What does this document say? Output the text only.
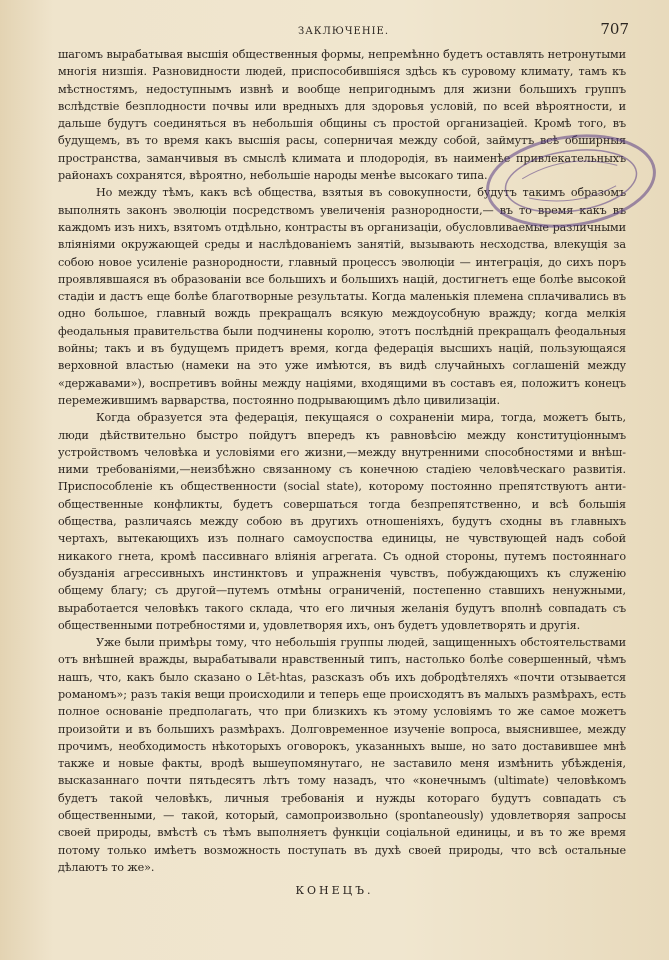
ЗАКЛЮЧЕНІЕ.	707

шагомъ вырабатывая высшія общественныя формы, непремѣнно будетъ оставлять нетронутыми многія низшія. Разновидности людей, приспособившіяся здѣсь къ суровому климату, тамъ къ мѣстностямъ, недоступнымъ извнѣ и вообще непригоднымъ для жизни большихъ группъ вслѣдствіе безплодности почвы или вредныхъ для здоровья условій, по всей вѣроятности, и дальше будутъ соединяться въ небольшія общины съ простой организаціей. Кромѣ того, въ будущемъ, въ то время какъ высшія расы, соперничая между собой, займутъ всѣ обширныя пространства, заманчивыя въ смыслѣ климата и плодородія, въ наименѣе привлекательныхъ районахъ сохранятся, вѣроятно, небольшіе народы менѣе высокаго типа.

Но между тѣмъ, какъ всѣ общества, взятыя въ совокупности, будутъ такимъ образомъ выполнять законъ эволюціи посредствомъ увеличенія разнородности,— въ то время какъ въ каждомъ изъ нихъ, взятомъ отдѣльно, контрасты въ организаціи, обусловливаемые различными вліяніями окружающей среды и наслѣдованіемъ занятій, вызывають несходства, влекущія за собою новое усиленіе разнородности, главный процессъ эволюціи — интеграція, до сихъ поръ проявлявшаяся въ образованіи все большихъ и большихъ націй, достигнетъ еще болѣе высокой стадіи и дастъ еще болѣе благотворные результаты. Когда маленькія племена сплачивались въ одно большое, главный вождь прекращалъ всякую междоусобную вражду; когда мелкія феодальныя правительства были подчинены королю, этотъ послѣдній прекращалъ феодальныя войны; такъ и въ будущемъ придетъ время, когда федерація высшихъ націй, пользующаяся верховной властью (намеки на это уже имѣются, въ видѣ случайныхъ соглашеній между «державами»), воспретивъ войны между націями, входящими въ составъ ея, положитъ конецъ перемежившимъ варварства, постоянно подрывающимъ дѣло цивилизаціи.

Когда образуется эта федерація, пекущаяся о сохраненіи мира, тогда, можетъ быть, люди дѣйствительно быстро пойдутъ впередъ къ равновѣсію между конституціоннымъ устройствомъ человѣка и условіями его жизни,—между внутренними способностями и внѣшними требованіями,—неизбѣжно связанному съ конечною стадіею человѣческаго развитія. Приспособленіе къ общественности (social state), которому постоянно препятствуютъ антиобщественные конфликты, будетъ совершаться тогда безпрепятственно, и всѣ большія общества, различаясь между собою въ другихъ отношеніяхъ, будутъ сходны въ главныхъ чертахъ, вытекающихъ изъ полнаго самоуспоства единицы, не чувствующей надъ собой никакого гнета, кромѣ пассивнаго вліянія агрегата. Съ одной стороны, путемъ постояннаго обузданія агрессивныхъ инстинктовъ и упражненія чувствъ, побуждающихъ къ служенію общему благу; съ другой—путемъ отмѣны ограниченій, постепенно ставшихъ ненужными, выработается человѣкъ такого склада, что его личныя желанія будутъ вполнѣ совпадать съ общественными потребностями и, удовлетворяя ихъ, онъ будетъ удовлетворять и другія.

Уже были примѣры тому, что небольшія группы людей, защищенныхъ обстоятельствами отъ внѣшней вражды, вырабатывали нравственный типъ, настолько болѣе совершенный, чѣмъ нашъ, что, какъ было сказано о Lēt-htas, разсказъ объ ихъ добродѣтеляхъ «почти отзывается романомъ»; разъ такія вещи происходили и теперь еще происходятъ въ малыхъ размѣрахъ, есть полное основаніе предполагать, что при близкихъ къ этому условіямъ то же самое можетъ произойти и въ большихъ размѣрахъ. Долговременное изученіе вопроса, выяснившее, между прочимъ, необходимость нѣкоторыхъ оговорокъ, указанныхъ выше, но зато доставившее мнѣ также и новые факты, вродѣ вышеупомянутаго, не заставило меня измѣнить убѣжденія, высказаннаго почти пятьдесятъ лѣтъ тому назадъ, что «конечнымъ (ultimate) человѣкомъ будетъ такой человѣкъ, личныя требованія и нужды котораго будутъ совпадать съ общественными, — такой, который, самопроизвольно (spontaneously) удовлетворяя запросы своей природы, вмѣстѣ съ тѣмъ выполняетъ функціи соціальной единицы, и въ то же время потому только имѣетъ возможность поступать въ духѣ своей природы, что всѣ остальные дѣлаютъ то же».

КОНЕЦЪ.
